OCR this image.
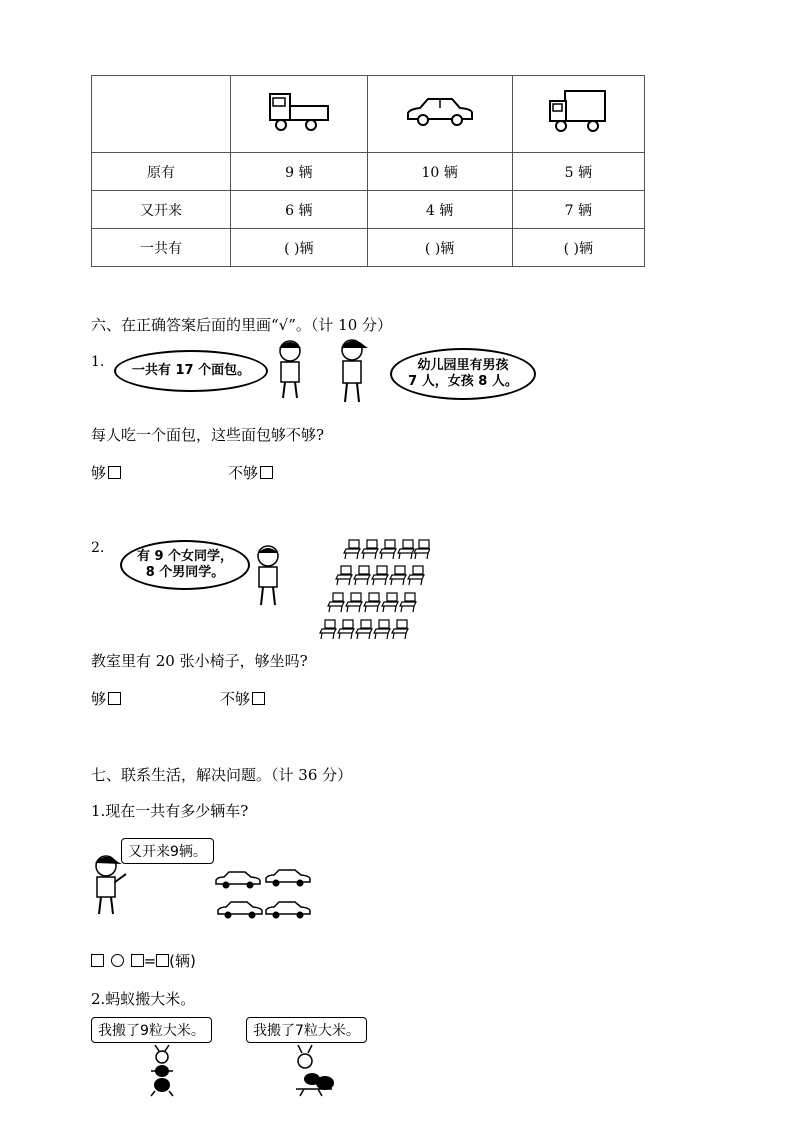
原有	9 辆	10 辆	5 辆
又开来	6 辆	4 辆	7 辆
一共有	( )辆	( )辆	( )辆
六、在正确答案后面的里画“√”。（计 10 分）
1.
一共有 17 个面包。	幼儿园里有男孩
7 人，女孩 8 人。
每人吃一个面包，这些面包够不够?
够	不够
2.
有 9 个女同学，
8 个男同学。
教室里有 20 张小椅子，够坐吗?
够	不够
七、联系生活，解决问题。（计 36 分）
1.现在一共有多少辆车?
又开来9辆。
= (辆)
2.蚂蚁搬大米。
我搬了9粒大米。	我搬了7粒大米。
